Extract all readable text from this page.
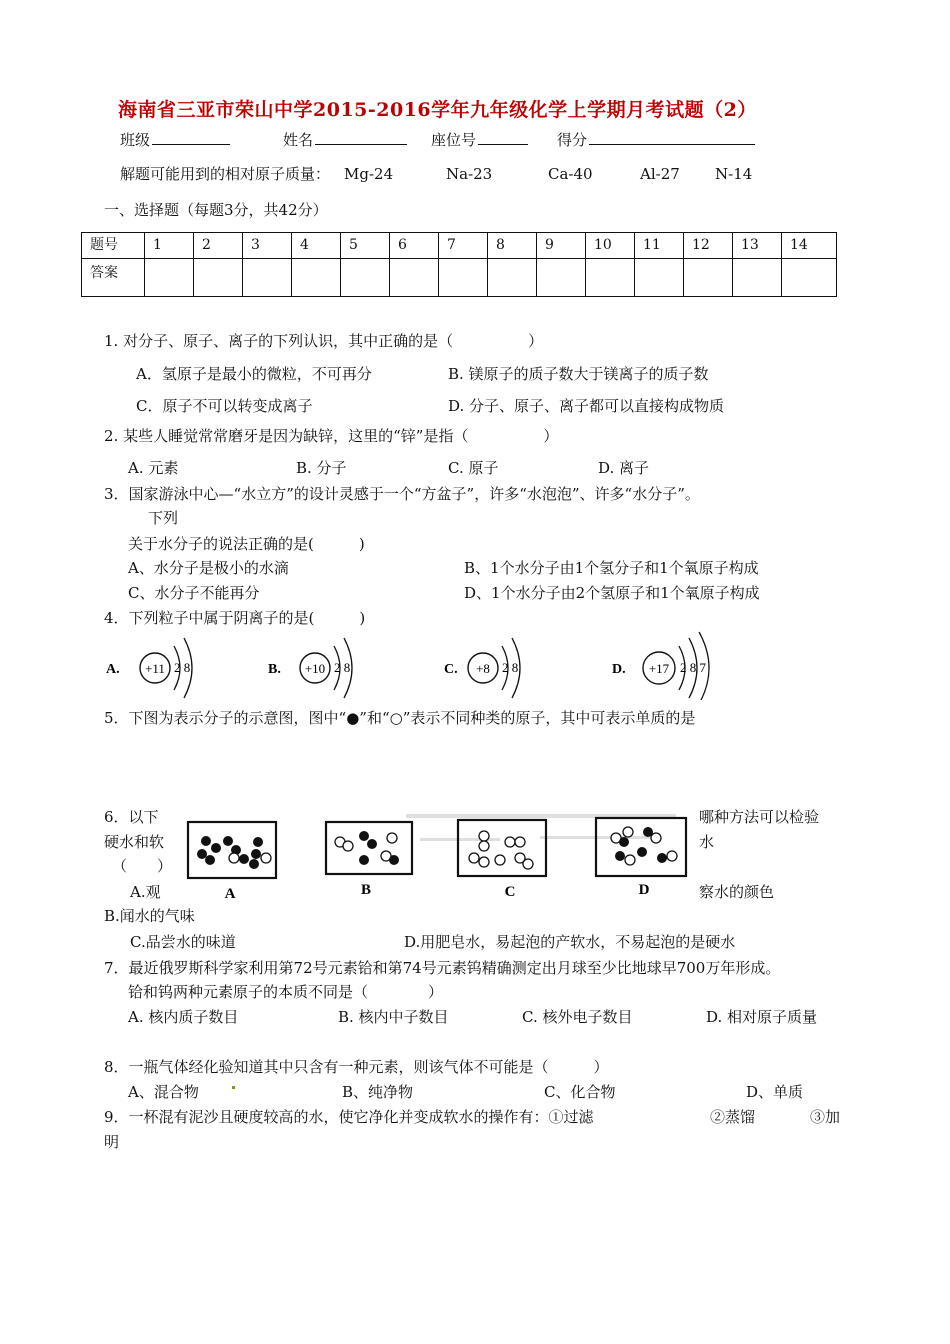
海南省三亚市荣山中学2015-2016学年九年级化学上学期月考试题（2）
班级	姓名	座位号	得分
解题可能用到的相对原子质量： Mg-24	Na-23	Ca-40	Al-27 N-14
一、选择题（每题3分，共42分）
题号	1	2	3	4	5	6	7	8	9	10	11	12	13	14
答案														
1. 对分子、原子、离子的下列认识，其中正确的是（　　　　　）
A．氢原子是最小的微粒，不可再分	B. 镁原子的质子数大于镁离子的质子数
C．原子不可以转变成离子	D. 分子、原子、离子都可以直接构成物质
2. 某些人睡觉常常磨牙是因为缺锌，这里的“锌”是指（　　　　　）
A. 元素	B. 分子	C. 原子	D. 离子
3．国家游泳中心—“水立方”的设计灵感于一个“方盆子”，许多“水泡泡”、许多“水分子”。
下列
关于水分子的说法正确的是(　　　)
A、水分子是极小的水滴	B、1个水分子由1个氢分子和1个氧原子构成
C、水分子不能再分	D、1个水分子由2个氢原子和1个氧原子构成
4．下列粒子中属于阴离子的是(　　　)
A. +11 2 8	B. +10 2 8	C. +8 2 8	D. +17 2 8 7
5．下图为表示分子的示意图，图中“●”和“○”表示不同种类的原子，其中可表示单质的是
6．以下	哪种方法可以检验
硬水和软	水
（　　）
A.观	察水的颜色
B.闻水的气味
C.品尝水的味道	D.用肥皂水，易起泡的产软水，不易起泡的是硬水
A	B	C	D
7．最近俄罗斯科学家利用第72号元素铪和第74号元素钨精确测定出月球至少比地球早700万年形成。
铪和钨两种元素原子的本质不同是（　　　　）
A. 核内质子数目	B. 核内中子数目	C. 核外电子数目	D. 相对原子质量
8．一瓶气体经化验知道其中只含有一种元素，则该气体不可能是（　　　）
A、混合物	B、纯净物	C、化合物	D、单质
9．一杯混有泥沙且硬度较高的水，使它净化并变成软水的操作有：①过滤	②蒸馏	③加
明
